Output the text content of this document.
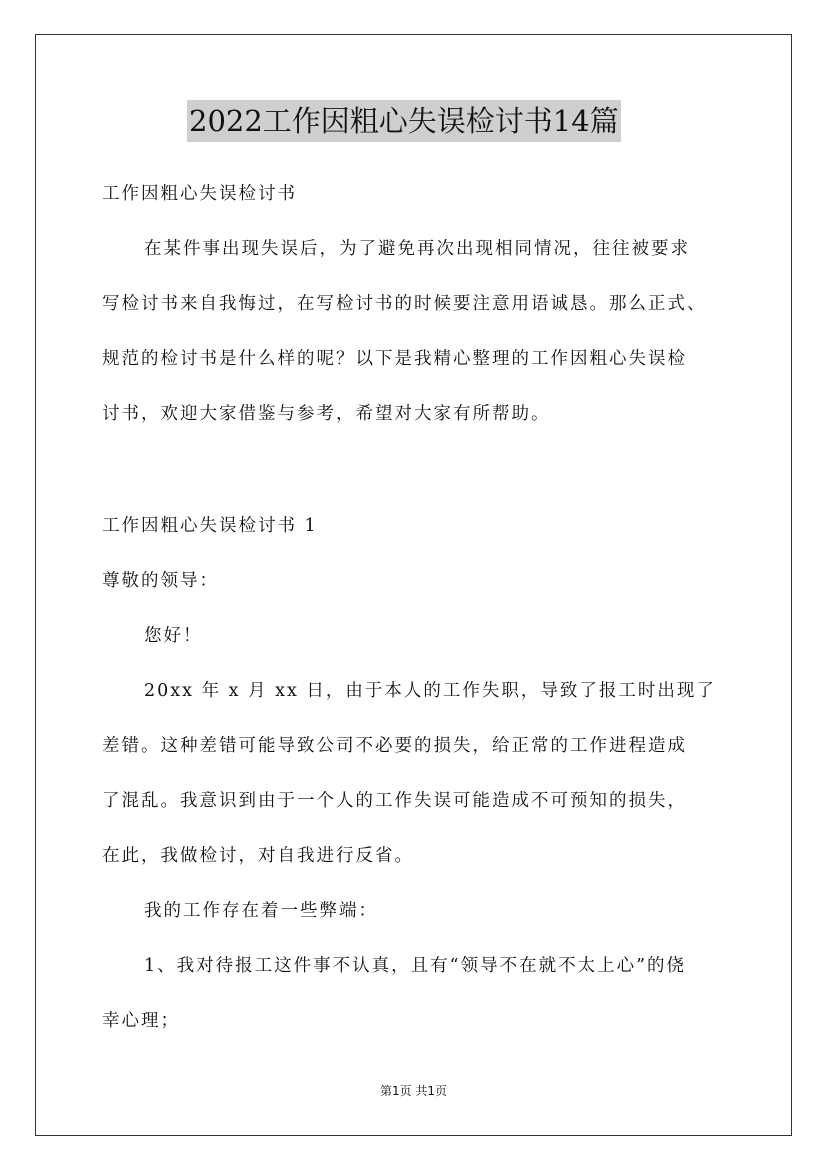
2022工作因粗心失误检讨书14篇
工作因粗心失误检讨书
在某件事出现失误后，为了避免再次出现相同情况，往往被要求
写检讨书来自我悔过，在写检讨书的时候要注意用语诚恳。那么正式、
规范的检讨书是什么样的呢？以下是我精心整理的工作因粗心失误检
讨书，欢迎大家借鉴与参考，希望对大家有所帮助。
工作因粗心失误检讨书 1
尊敬的领导：
您好！
20xx 年 x 月 xx 日，由于本人的工作失职，导致了报工时出现了
差错。这种差错可能导致公司不必要的损失，给正常的工作进程造成
了混乱。我意识到由于一个人的工作失误可能造成不可预知的损失，
在此，我做检讨，对自我进行反省。
我的工作存在着一些弊端：
1、我对待报工这件事不认真，且有“领导不在就不太上心”的侥
幸心理；
第1页 共1页
